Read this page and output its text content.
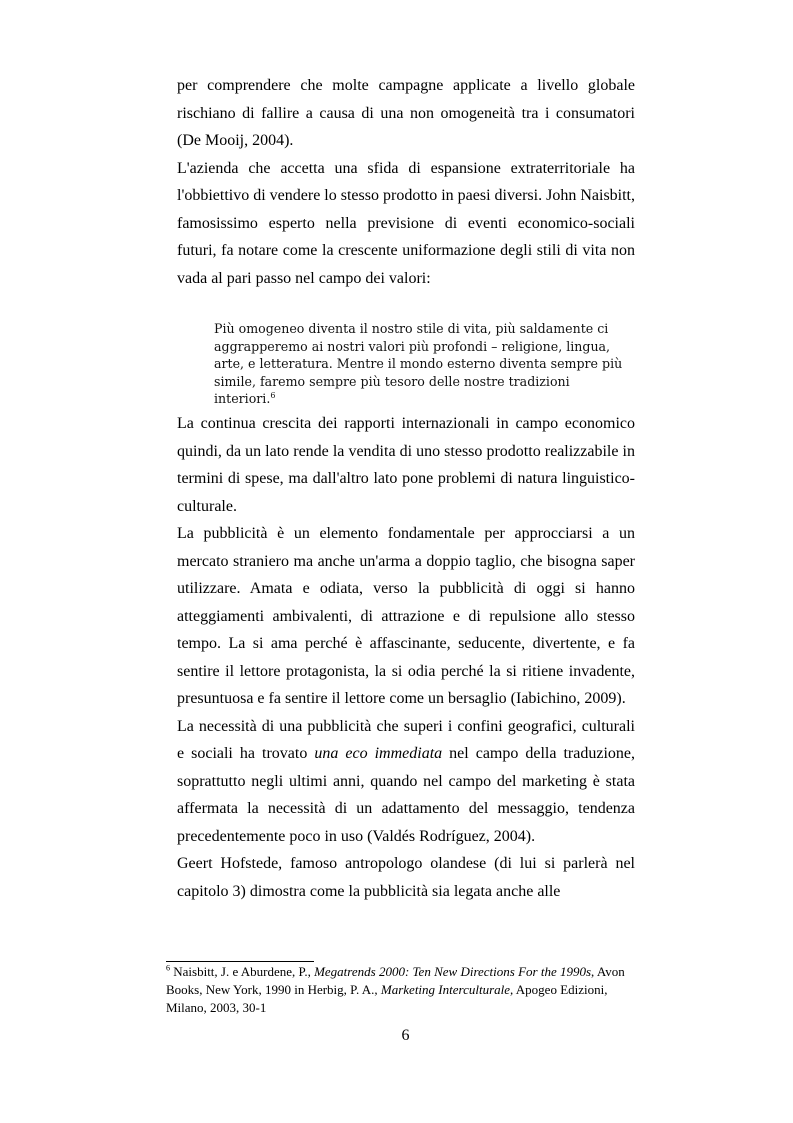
per comprendere che molte campagne applicate a livello globale rischiano di fallire a causa di una non omogeneità tra i consumatori (De Mooij, 2004).

L'azienda che accetta una sfida di espansione extraterritoriale ha l'obbiettivo di vendere lo stesso prodotto in paesi diversi. John Naisbitt, famosissimo esperto nella previsione di eventi economico-sociali futuri, fa notare come la crescente uniformazione degli stili di vita non vada al pari passo nel campo dei valori:

Più omogeneo diventa il nostro stile di vita, più saldamente ci aggrapperemo ai nostri valori più profondi – religione, lingua, arte, e letteratura. Mentre il mondo esterno diventa sempre più simile, faremo sempre più tesoro delle nostre tradizioni interiori.$^6$

La continua crescita dei rapporti internazionali in campo economico quindi, da un lato rende la vendita di uno stesso prodotto realizzabile in termini di spese, ma dall'altro lato pone problemi di natura linguistico-culturale.

La pubblicità è un elemento fondamentale per approcciarsi a un mercato straniero ma anche un'arma a doppio taglio, che bisogna saper utilizzare. Amata e odiata, verso la pubblicità di oggi si hanno atteggiamenti ambivalenti, di attrazione e di repulsione allo stesso tempo. La si ama perché è affascinante, seducente, divertente, e fa sentire il lettore protagonista, la si odia perché la si ritiene invadente, presuntuosa e fa sentire il lettore come un bersaglio (Iabichino, 2009).

La necessità di una pubblicità che superi i confini geografici, culturali e sociali ha trovato una eco immediata nel campo della traduzione, soprattutto negli ultimi anni, quando nel campo del marketing è stata affermata la necessità di un adattamento del messaggio, tendenza precedentemente poco in uso (Valdés Rodríguez, 2004).

Geert Hofstede, famoso antropologo olandese (di lui si parlerà nel capitolo 3) dimostra come la pubblicità sia legata anche alle

$^6$ Naisbitt, J. e Aburdene, P., Megatrends 2000: Ten New Directions For the 1990s, Avon Books, New York, 1990 in Herbig, P. A., Marketing Interculturale, Apogeo Edizioni, Milano, 2003, 30-1
6
